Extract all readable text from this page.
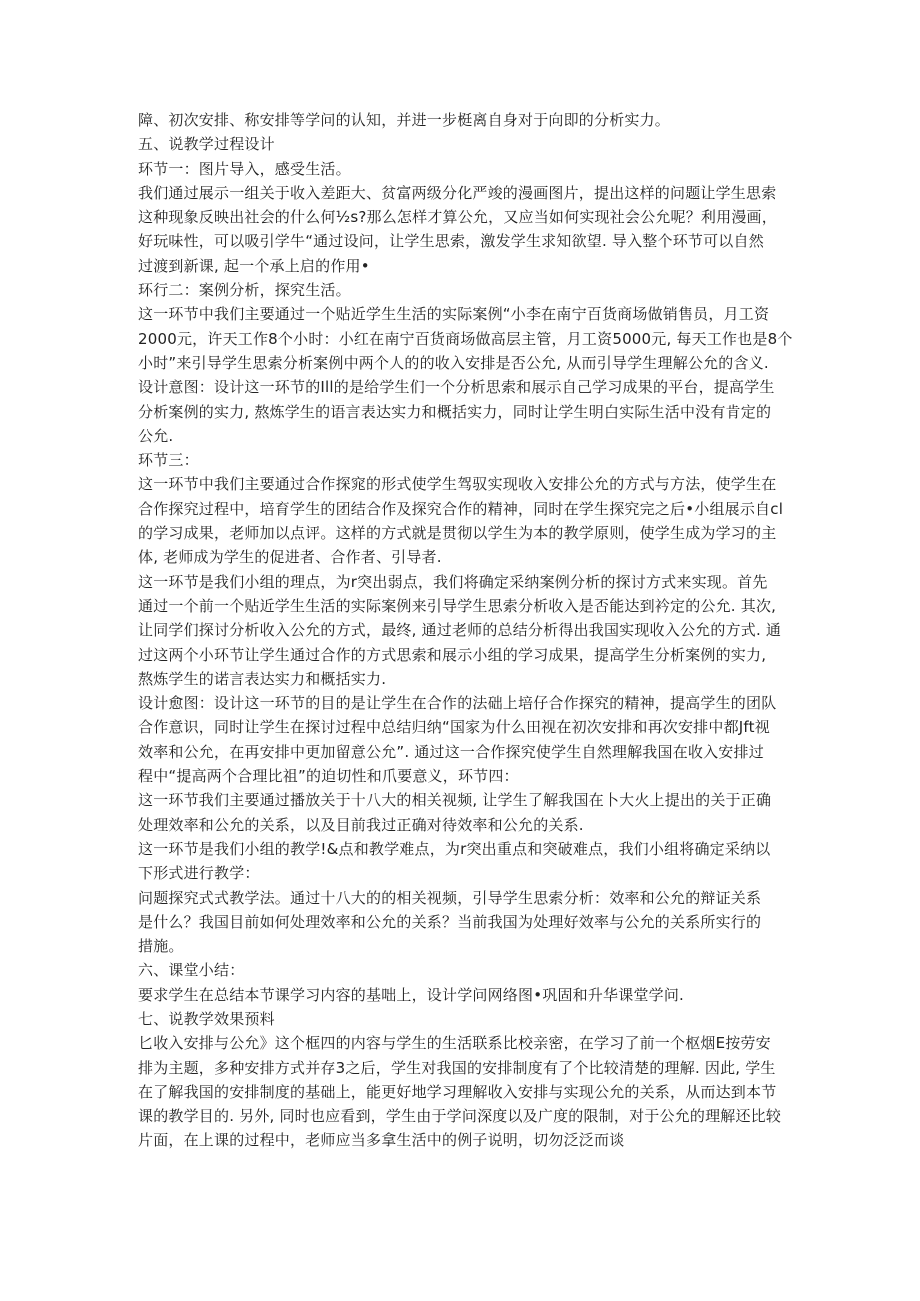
障、初次安排、称安排等学问的认知，并进一步梃离自身对于向即的分析实力。
五、说教学过程设计
环节一：图片导入，感受生活。
我们通过展示一组关于收入差距大、贫富两级分化严竣的漫画图片，提出这样的问题让学生思索
这种现象反映出社会的什么何½s?那么怎样才算公允，又应当如何实现社会公允呢？利用漫画，
好玩味性，可以吸引学牛“通过设问，让学生思索，激发学生求知欲望. 导入整个环节可以自然
过渡到新课, 起一个承上启的作用•
环行二：案例分析，探究生活。
这一环节中我们主要通过一个贴近学生生活的实际案例“小李在南宁百货商场做销售员，月工资
2000元，许天工作8个小时：小红在南宁百货商场做高层主管，月工资5000元, 每天工作也是8个
小时”来引导学生思索分析案例中两个人的的收入安排是否公允, 从而引导学生理解公允的含义.
设计意图：设计这一环节的Ill的是给学生们一个分析思索和展示自己学习成果的平台，提高学生
分析案例的实力, 熬炼学生的语言表达实力和概括实力，同时让学生明白实际生活中没有肯定的
公允.
环节三：
这一环节中我们主要通过合作探窕的形式使学生驾驭实现收入安排公允的方式与方法，使学生在
合作探究过程中，培育学生的团结合作及探究合作的精神，同时在学生探究完之后•小组展示自cl
的学习成果，老师加以点评。这样的方式就是贯彻以学生为本的教学原则，使学生成为学习的主
体, 老师成为学生的促进者、合作者、引导者.
这一环节是我们小组的理点，为r突出弱点，我们将确定采纳案例分析的探讨方式来实现。首先
通过一个前一个贴近学生生活的实际案例来引导学生思索分析收入是否能达到衿定的公允. 其次,
让同学们探讨分析收入公允的方式，最终, 通过老师的总结分析得出我国实现收入公允的方式. 通
过这两个小环节让学生通过合作的方式思索和展示小组的学习成果，提高学生分析案例的实力,
熬炼学生的诺言表达实力和概括实力.
设计愈图：设计这一环节的目的是让学生在合作的法础上培仔合作探究的精神，提高学生的团队
合作意识，同时让学生在探讨过程中总结归纳“国家为什么田视在初次安排和再次安排中都Jft视
效率和公允，在再安排中更加留意公允”. 通过这一合作探究使学生自然理解我国在收入安排过
程中“提高两个合理比祖”的迫切性和爪要意义，环节四：
这一环节我们主要通过播放关于十八大的相关视频, 让学生了解我国在卜大火上提出的关于正确
处理效率和公允的关系，以及目前我过正确对待效率和公允的关系.
这一环节是我们小组的教学!&点和教学难点，为r突出重点和突破难点，我们小组将确定采纳以
下形式进行教学：
问题探究式式教学法。通过十八大的的相关视频，引导学生思索分析：效率和公允的辩证关系
是什么？我国目前如何处理效率和公允的关系？当前我国为处理好效率与公允的关系所实行的
措施。
六、课堂小结：
要求学生在总结本节课学习内容的基咄上，设计学问网络图•巩固和升华课堂学问.
七、说教学效果预料
匕收入安排与公允》这个框四的内容与学生的生活联系比校亲密，在学习了前一个枢烟E按劳安
排为主题，多种安排方式并存3之后，学生对我国的安排制度有了个比较清楚的理解. 因此, 学生
在了解我国的安排制度的基础上，能更好地学习理解收入安排与实现公允的关系，从而达到本节
课的教学目的. 另外, 同时也应看到，学生由于学问深度以及广度的限制，对于公允的理解还比较
片面，在上课的过程中，老师应当多拿生活中的例子说明，切勿泛泛而谈
